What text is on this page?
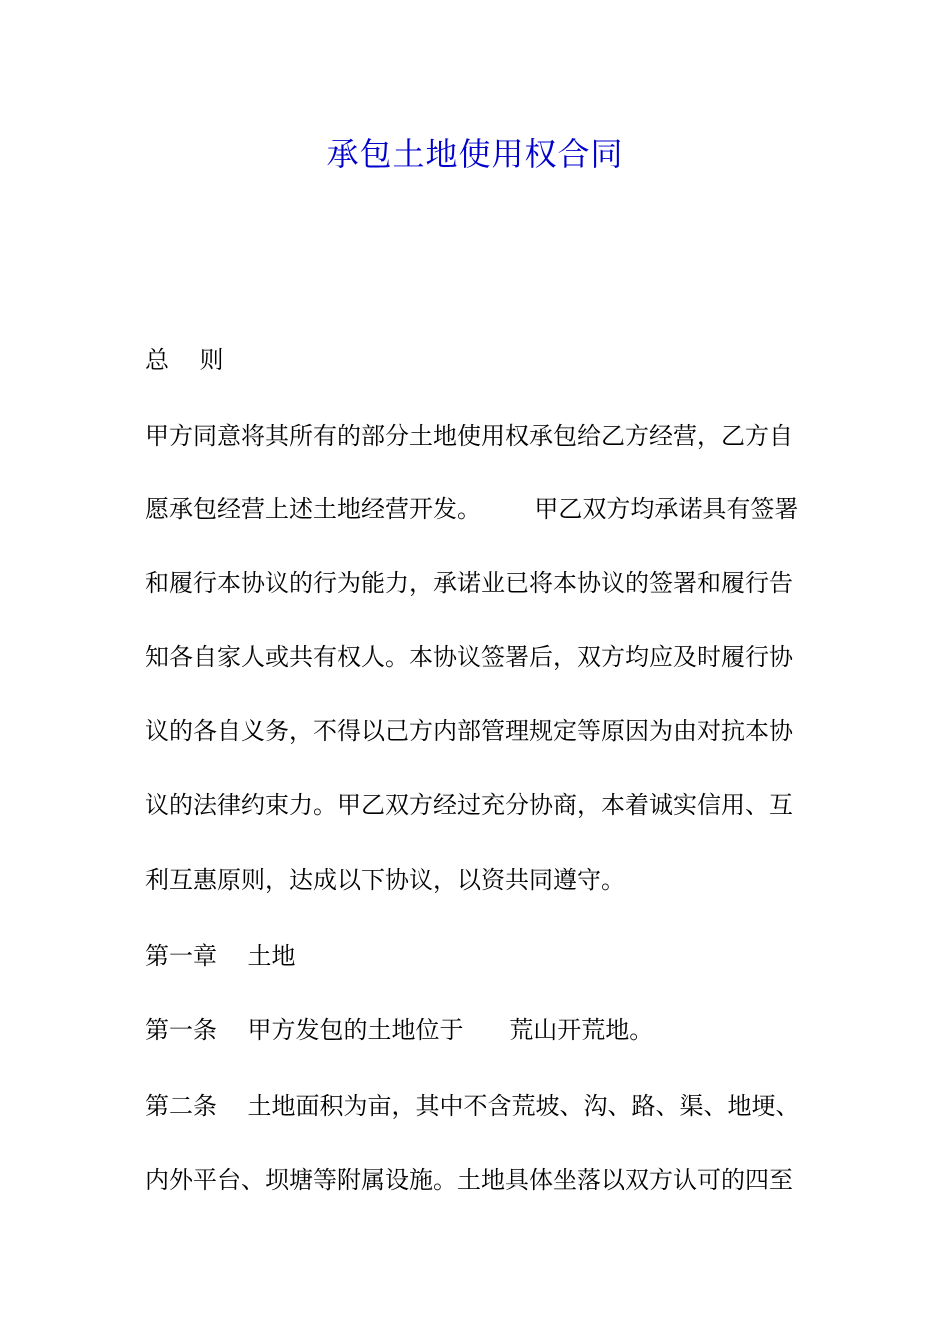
承包土地使用权合同
总    则
甲方同意将其所有的部分土地使用权承包给乙方经营，乙方自
愿承包经营上述土地经营开发。       甲乙双方均承诺具有签署
和履行本协议的行为能力，承诺业已将本协议的签署和履行告
知各自家人或共有权人。本协议签署后，双方均应及时履行协
议的各自义务，不得以己方内部管理规定等原因为由对抗本协
议的法律约束力。甲乙双方经过充分协商，本着诚实信用、互
利互惠原则，达成以下协议，以资共同遵守。
第一章    土地
第一条    甲方发包的土地位于      荒山开荒地。
第二条    土地面积为亩，其中不含荒坡、沟、路、渠、地埂、
内外平台、坝塘等附属设施。土地具体坐落以双方认可的四至
